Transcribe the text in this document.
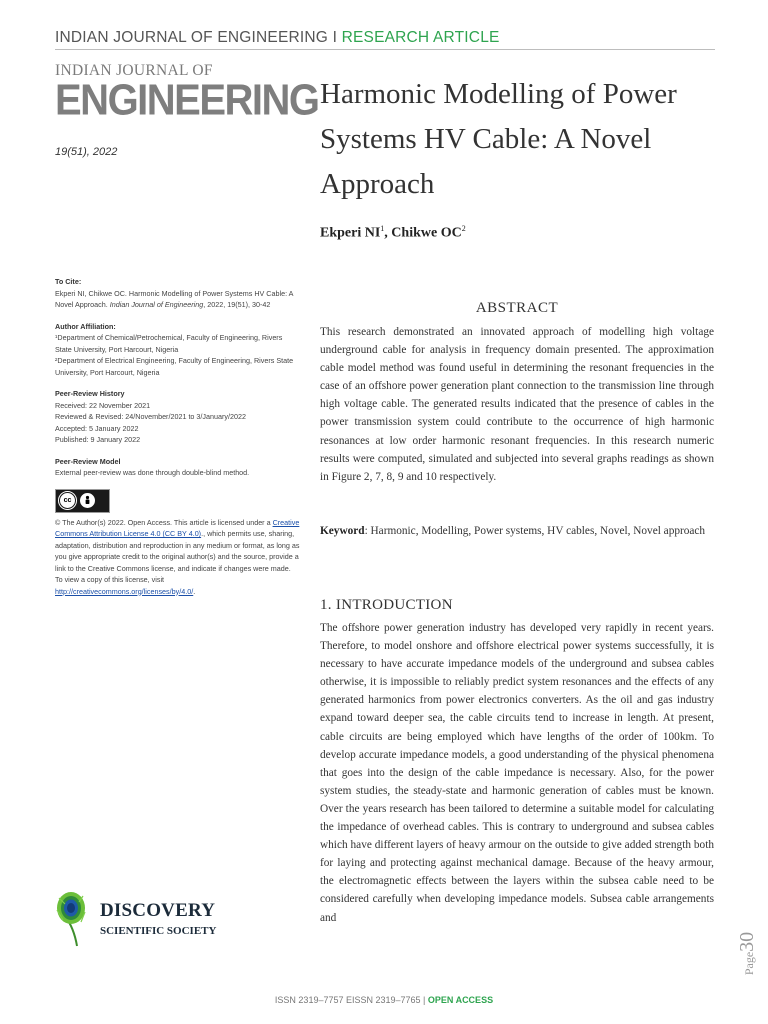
INDIAN JOURNAL OF ENGINEERING I RESEARCH ARTICLE
INDIAN JOURNAL OF
ENGINEERING
19(51), 2022
Harmonic Modelling of Power Systems HV Cable: A Novel Approach
Ekperi $NI^1$, Chikwe $OC^2$
To Cite:
Ekperi NI, Chikwe OC. Harmonic Modelling of Power Systems HV Cable: A Novel Approach. Indian Journal of Engineering, 2022, 19(51), 30-42
Author Affiliation:
¹Department of Chemical/Petrochemical, Faculty of Engineering, Rivers State University, Port Harcourt, Nigeria
²Department of Electrical Engineering, Faculty of Engineering, Rivers State University, Port Harcourt, Nigeria
Peer-Review History
Received: 22 November 2021
Reviewed & Revised: 24/November/2021 to 3/January/2022
Accepted: 5 January 2022
Published: 9 January 2022
Peer-Review Model
External peer-review was done through double-blind method.
cc
© The Author(s) 2022. Open Access. This article is licensed under a Creative Commons Attribution License 4.0 (CC BY 4.0)., which permits use, sharing, adaptation, distribution and reproduction in any medium or format, as long as you give appropriate credit to the original author(s) and the source, provide a link to the Creative Commons license, and indicate if changes were made. To view a copy of this license, visit http://creativecommons.org/licenses/by/4.0/.
ABSTRACT
This research demonstrated an innovated approach of modelling high voltage underground cable for analysis in frequency domain presented. The approximation cable model method was found useful in determining the resonant frequencies in the case of an offshore power generation plant connection to the transmission line through high voltage cable. The generated results indicated that the presence of cables in the power transmission system could contribute to the occurrence of high harmonic resonances at low order harmonic resonant frequencies. In this research numeric results were computed, simulated and subjected into several graphs readings as shown in Figure 2, 7, 8, 9 and 10 respectively.
Keyword: Harmonic, Modelling, Power systems, HV cables, Novel, Novel approach
1. INTRODUCTION
The offshore power generation industry has developed very rapidly in recent years. Therefore, to model onshore and offshore electrical power systems successfully, it is necessary to have accurate impedance models of the underground and subsea cables otherwise, it is impossible to reliably predict system resonances and the effects of any generated harmonics from power electronics converters. As the oil and gas industry expand toward deeper sea, the cable circuits tend to increase in length. At present, cable circuits are being employed which have lengths of the order of 100km. To develop accurate impedance models, a good understanding of the physical phenomena that goes into the design of the cable impedance is necessary. Also, for the power system studies, the steady-state and harmonic generation of cables must be known. Over the years research has been tailored to determine a suitable model for calculating the impedance of overhead cables. This is contrary to underground and subsea cables which have different layers of heavy armour on the outside to give added strength both for laying and protecting against mechanical damage. Because of the heavy armour, the electromagnetic effects between the layers within the subsea cable need to be considered carefully when developing impedance models. Subsea cable arrangements and
DISCOVERY
SCIENTIFIC SOCIETY
Page30
ISSN 2319–7757 EISSN 2319–7765 | OPEN ACCESS
